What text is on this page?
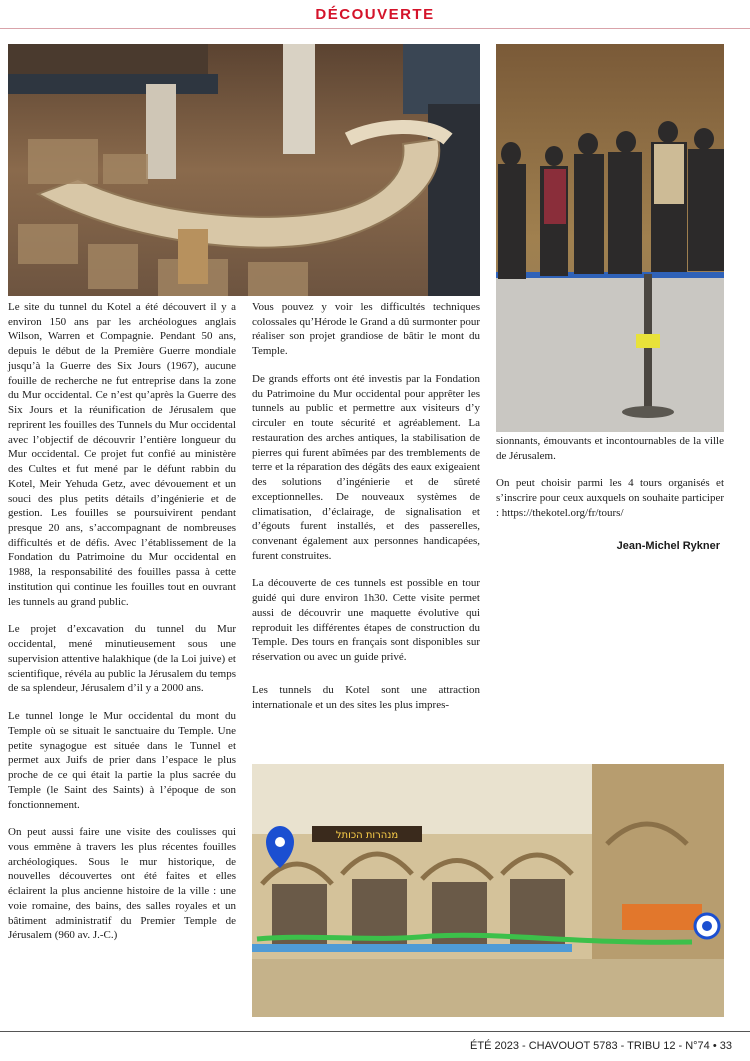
DÉCOUVERTE

Le site du tunnel du Kotel a été découvert il y a environ 150 ans par les archéologues anglais Wilson, Warren et Compagnie. Pendant 50 ans, depuis le début de la Première Guerre mondiale jusqu’à la Guerre des Six Jours (1967), aucune fouille de recherche ne fut entreprise dans la zone du Mur occidental. Ce n’est qu’après la Guerre des Six Jours et la réunification de Jérusalem que reprirent les fouilles des Tunnels du Mur occidental avec l’objectif de découvrir l’entière longueur du Mur occidental. Ce projet fut confié au ministère des Cultes et fut mené par le défunt rabbin du Kotel, Meir Yehuda Getz, avec dévouement et un souci des plus petits détails d’ingénierie et de gestion. Les fouilles se poursuivirent pendant presque 20 ans, s’accompagnant de nombreuses difficultés et de défis. Avec l’établissement de la Fondation du Patrimoine du Mur occidental en 1988, la responsabilité des fouilles passa à cette institution qui continue les fouilles tout en ouvrant les tunnels au grand public.

Le projet d’excavation du tunnel du Mur occidental, mené minutieusement sous une supervision attentive halakhique (de la Loi juive) et scientifique, révéla au public la Jérusalem du temps de sa splendeur, Jérusalem d’il y a 2000 ans.

Le tunnel longe le Mur occidental du mont du Temple où se situait le sanctuaire du Temple. Une petite synagogue est située dans le Tunnel et permet aux Juifs de prier dans l’espace le plus proche de ce qui était la partie la plus sacrée du Temple (le Saint des Saints) à l’époque de son fonctionnement.

On peut aussi faire une visite des coulisses qui vous emmène à travers les plus récentes fouilles archéologiques. Sous le mur historique, de nouvelles découvertes ont été faites et elles éclairent la plus ancienne histoire de la ville : une voie romaine, des bains, des salles royales et un bâtiment administratif du Premier Temple de Jérusalem (960 av. J.-C.)

Vous pouvez y voir les difficultés techniques colossales qu’Hérode le Grand a dû surmonter pour réaliser son projet grandiose de bâtir le mont du Temple.

De grands efforts ont été investis par la Fondation du Patrimoine du Mur occidental pour apprêter les tunnels au public et permettre aux visiteurs d’y circuler en toute sécurité et agréablement. La restauration des arches antiques, la stabilisation de pierres qui furent abîmées par des tremblements de terre et la réparation des dégâts des eaux exigeaient des solutions d’ingénierie et de sûreté exceptionnelles. De nouveaux systèmes de climatisation, d’éclairage, de signalisation et d’égouts furent installés, et des passerelles, convenant également aux personnes handicapées, furent construites.

La découverte de ces tunnels est possible en tour guidé qui dure environ 1h30. Cette visite permet aussi de découvrir une maquette évolutive qui reproduit les différentes étapes de construction du Temple. Des tours en français sont disponibles sur réservation ou avec un guide privé.

Les tunnels du Kotel sont une attraction internationale et un des sites les plus impres-

sionnants, émouvants et incontournables de la ville de Jérusalem.

On peut choisir parmi les 4 tours organisés et s’inscrire pour ceux auxquels on souhaite participer : https://thekotel.org/fr/tours/

Jean-Michel Rykner
מנהרות הכותל
ÉTÉ 2023 - CHAVOUOT 5783 - TRIBU 12 - N°74 • 33
